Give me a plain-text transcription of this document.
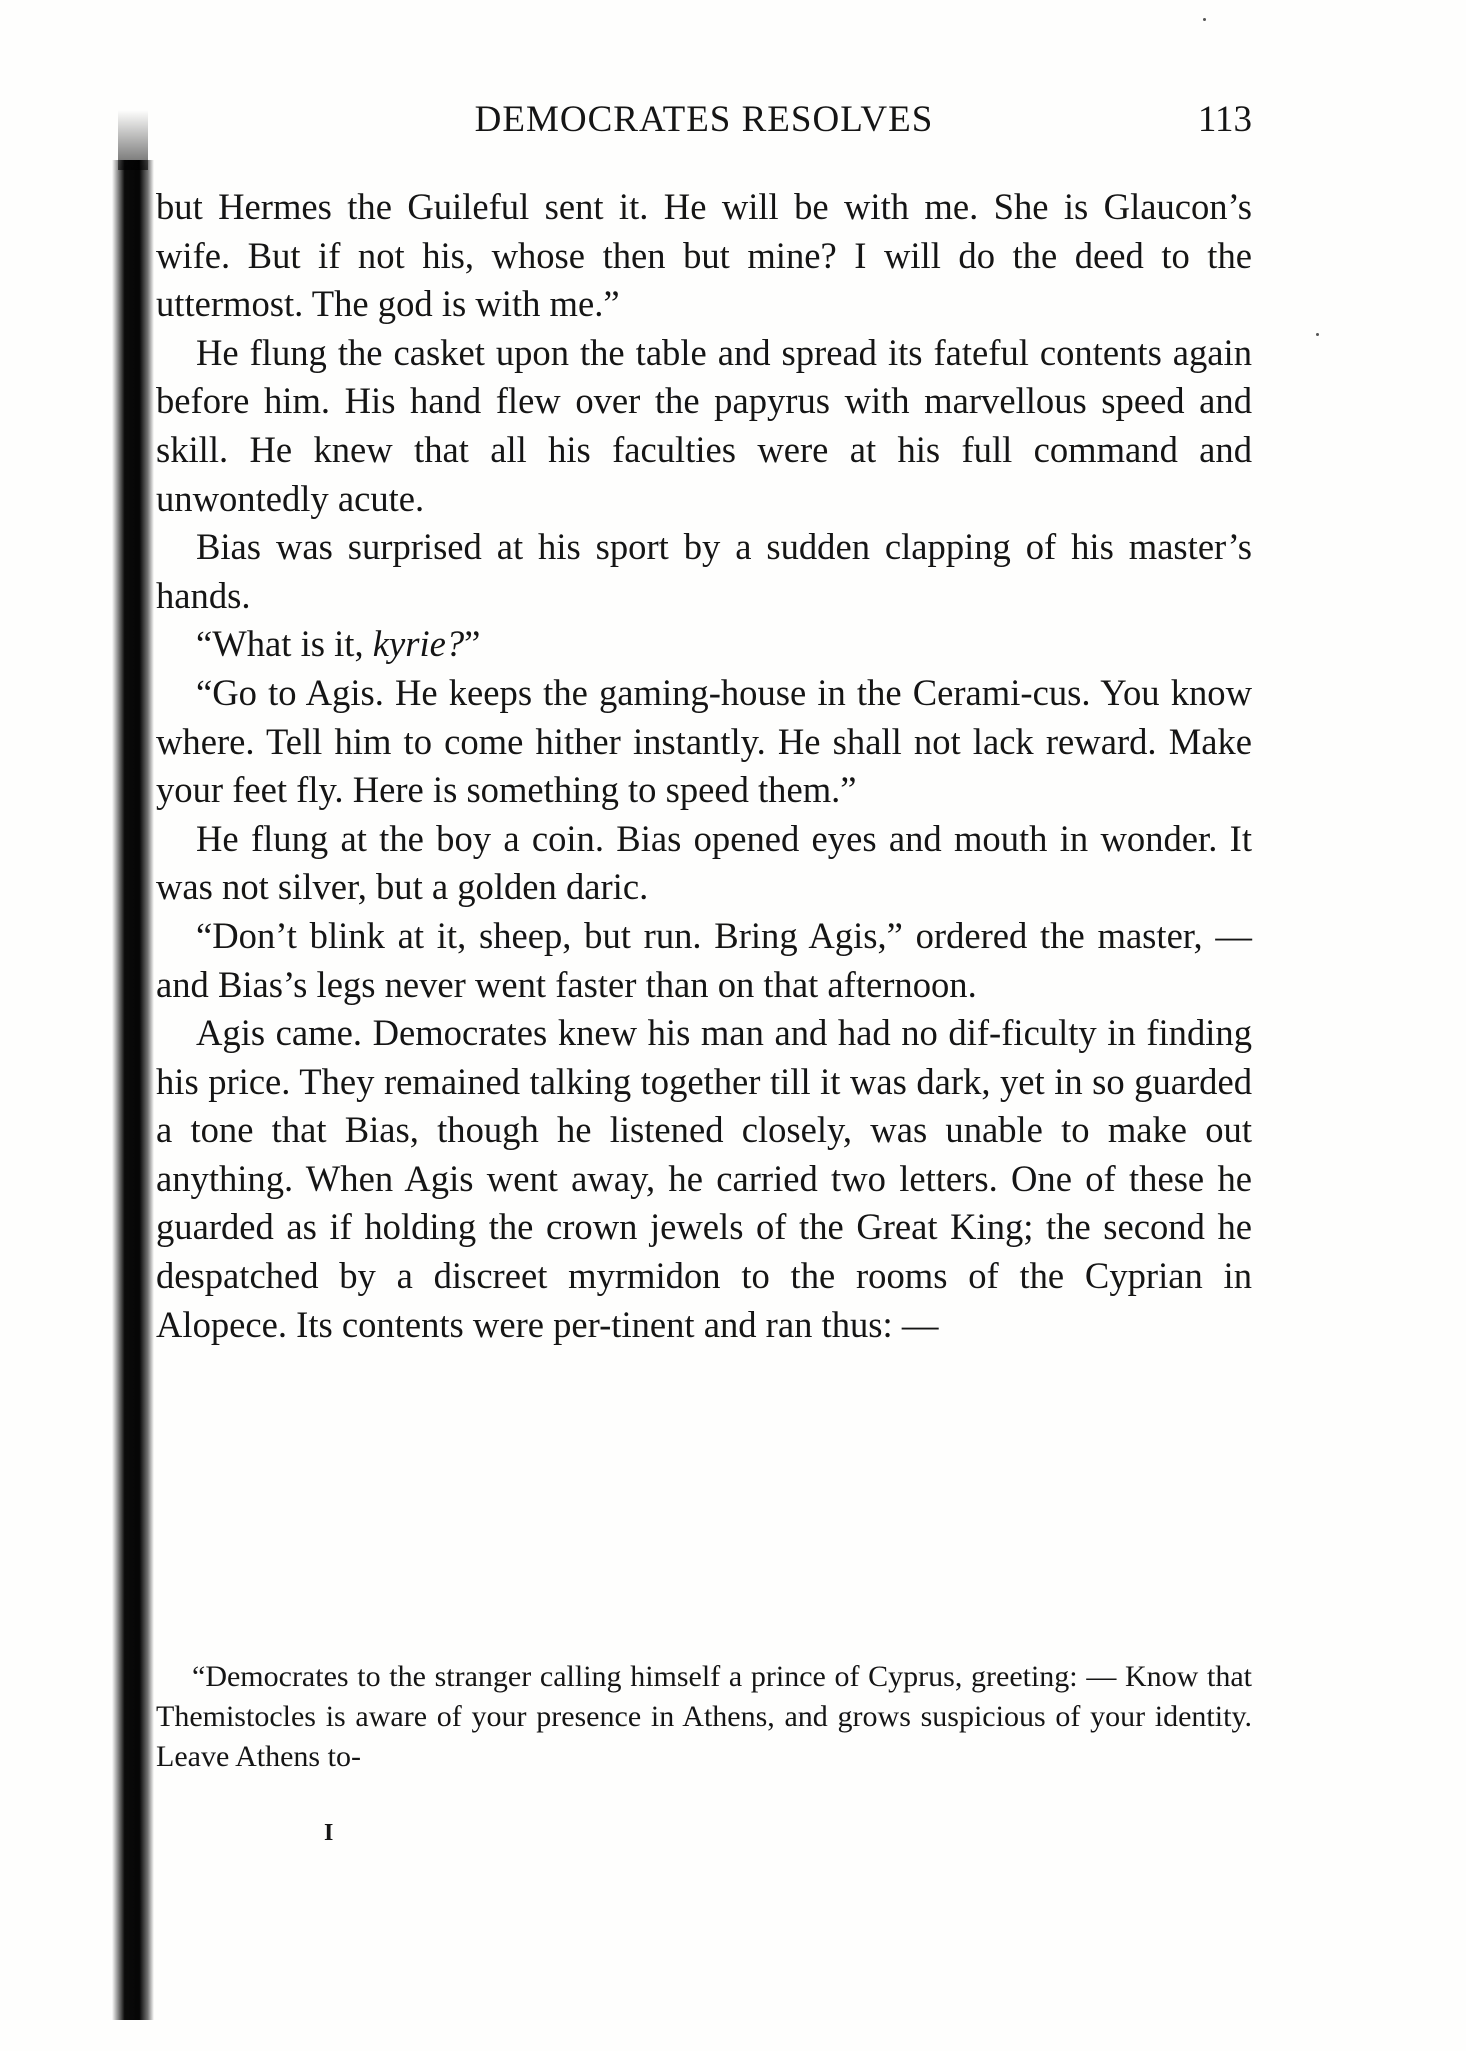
DEMOCRATES RESOLVES	113

but Hermes the Guileful sent it. He will be with me. She is Glaucon’s wife. But if not his, whose then but mine? I will do the deed to the uttermost. The god is with me.”

He flung the casket upon the table and spread its fateful contents again before him. His hand flew over the papyrus with marvellous speed and skill. He knew that all his faculties were at his full command and unwontedly acute.

Bias was surprised at his sport by a sudden clapping of his master’s hands.

“What is it, kyrie?”

“Go to Agis. He keeps the gaming-house in the Cerami-cus. You know where. Tell him to come hither instantly. He shall not lack reward. Make your feet fly. Here is something to speed them.”

He flung at the boy a coin. Bias opened eyes and mouth in wonder. It was not silver, but a golden daric.

“Don’t blink at it, sheep, but run. Bring Agis,” ordered the master, — and Bias’s legs never went faster than on that afternoon.

Agis came. Democrates knew his man and had no dif-ficulty in finding his price. They remained talking together till it was dark, yet in so guarded a tone that Bias, though he listened closely, was unable to make out anything. When Agis went away, he carried two letters. One of these he guarded as if holding the crown jewels of the Great King; the second he despatched by a discreet myrmidon to the rooms of the Cyprian in Alopece. Its contents were per-tinent and ran thus: —

“Democrates to the stranger calling himself a prince of Cyprus, greeting: — Know that Themistocles is aware of your presence in Athens, and grows suspicious of your identity. Leave Athens to-
I
